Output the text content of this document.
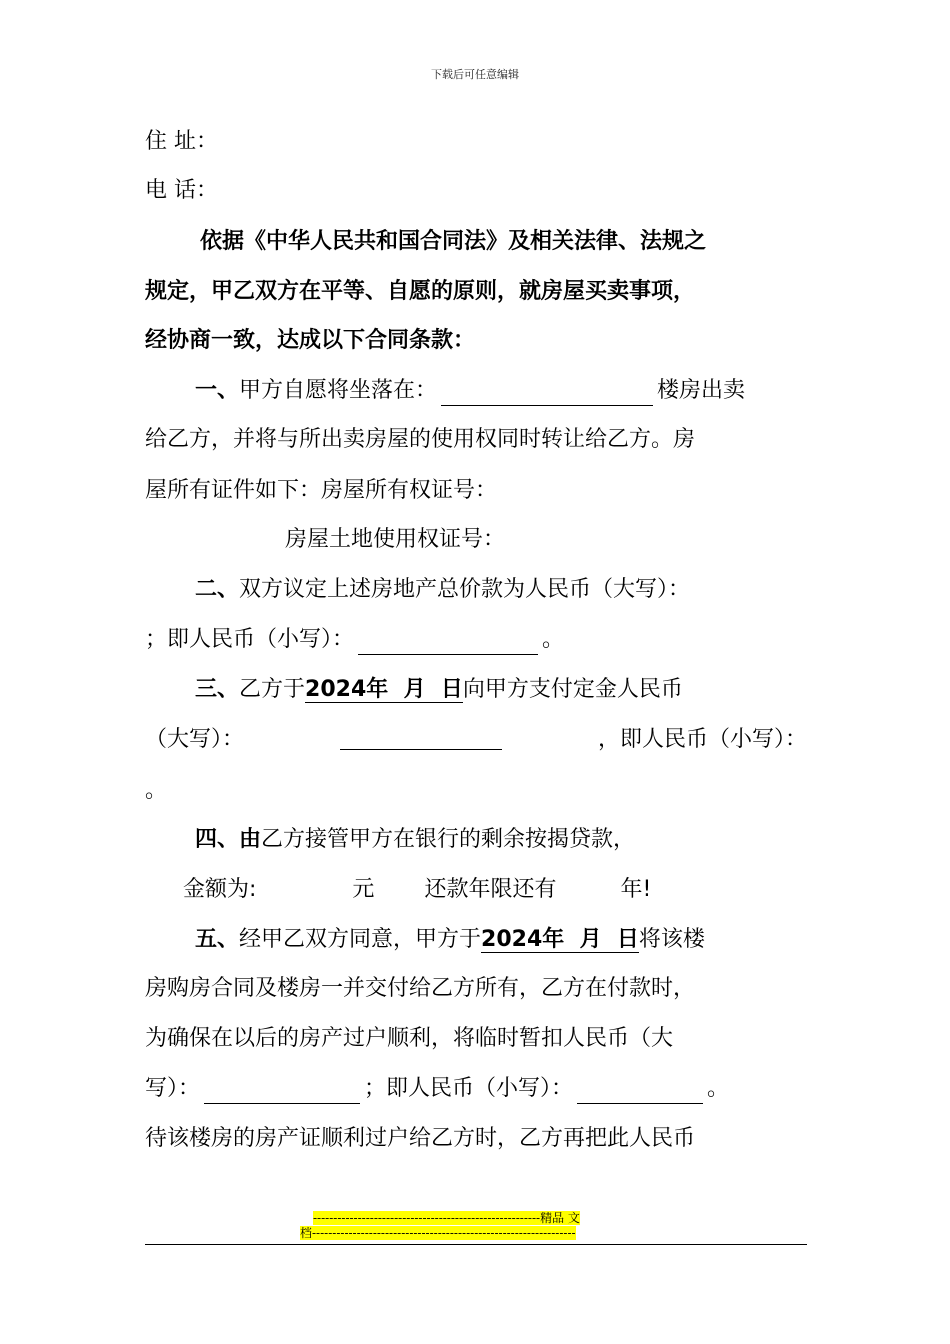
下载后可任意编辑
住 址：
电 话：
依据《中华人民共和国合同法》及相关法律、法规之
规定，甲乙双方在平等、自愿的原则，就房屋买卖事项，
经协商一致，达成以下合同条款：
一、甲方自愿将坐落在：	楼房出卖
给乙方，并将与所出卖房屋的使用权同时转让给乙方。房
屋所有证件如下：房屋所有权证号：
房屋土地使用权证号：
二、双方议定上述房地产总价款为人民币（大写）：
；即人民币（小写）：	。
三、乙方于2024年  月  日向甲方支付定金人民币
（大写）：	，即人民币（小写）：
。
四、由乙方接管甲方在银行的剩余按揭贷款，
金额为:	元 还款年限还有	年!
五、经甲乙双方同意，甲方于2024年  月  日将该楼
房购房合同及楼房一并交付给乙方所有，乙方在付款时，
为确保在以后的房产过户顺利，将临时暂扣人民币（大
写）：	；即人民币（小写）：	。
待该楼房的房产证顺利过户给乙方时，乙方再把此人民币
--------------------------------------------------------精品 文
档-----------------------------------------------------------------
